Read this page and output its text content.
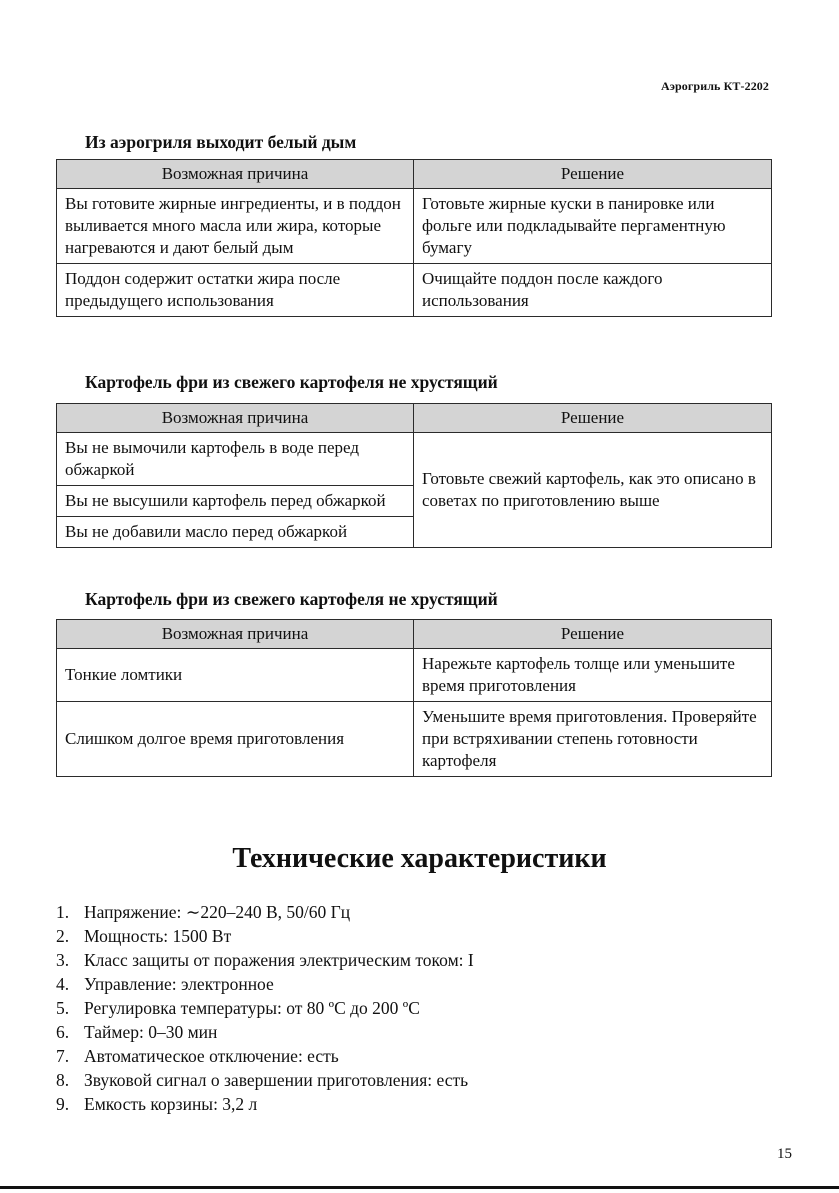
Аэрогриль КТ-2202
Из аэрогриля выходит белый дым
Возможная причина	Решение
Вы готовите жирные ингредиенты, и в поддон выливается много масла или жира, которые нагреваются и дают белый дым	Готовьте жирные куски в панировке или фольге или подкладывайте пергаментную бумагу
Поддон содержит остатки жира после предыдущего использования	Очищайте поддон после каждого использования
Картофель фри из свежего картофеля не хрустящий
Возможная причина	Решение
Вы не вымочили картофель в воде перед обжаркой	Готовьте свежий картофель, как это описано в советах по приготовлению выше
Вы не высушили картофель перед обжаркой	
Вы не добавили масло перед обжаркой	
Картофель фри из свежего картофеля не хрустящий
Возможная причина	Решение
Тонкие ломтики	Нарежьте картофель толще или уменьшите время приготовления
Слишком долгое время приготовления	Уменьшите время приготовления. Проверяйте при встряхивании степень готовности картофеля
Технические характеристики
1. Напряжение: ∼220–240 В, 50/60 Гц
2. Мощность: 1500 Вт
3. Класс защиты от поражения электрическим током: I
4. Управление: электронное
5. Регулировка температуры: от 80 ºC до 200 ºC
6. Таймер: 0–30 мин
7. Автоматическое отключение: есть
8. Звуковой сигнал о завершении приготовления: есть
9. Емкость корзины: 3,2 л
15
